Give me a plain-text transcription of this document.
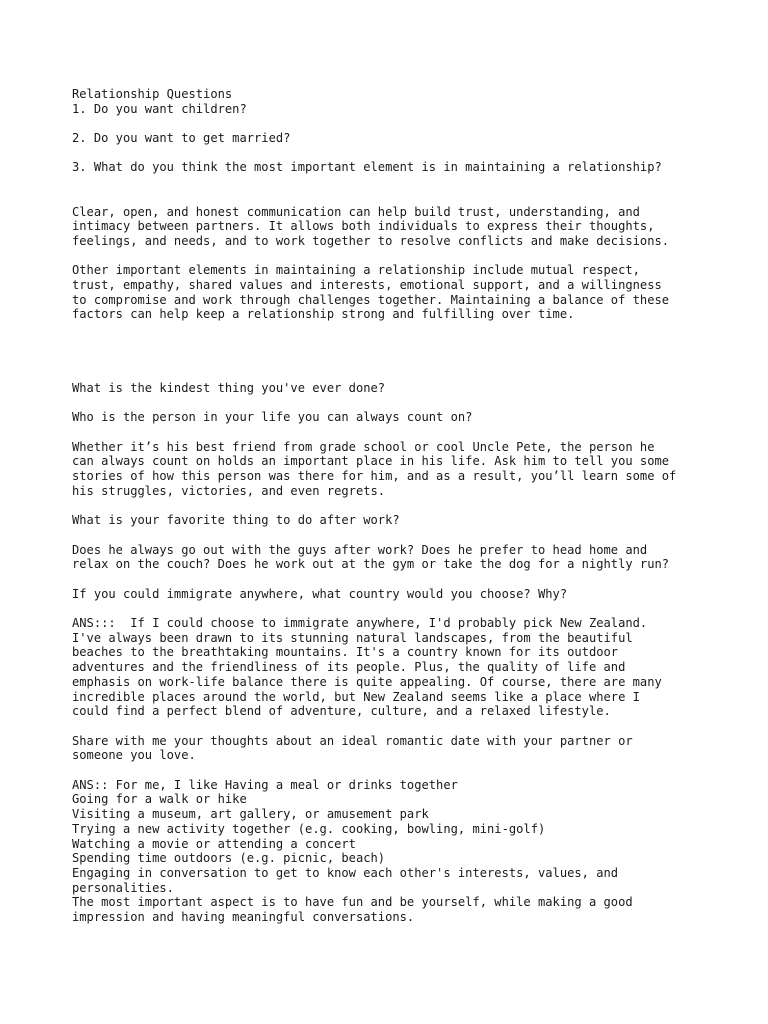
Relationship Questions
1. Do you want children?
2. Do you want to get married?
3. What do you think the most important element is in maintaining a relationship?
Clear, open, and honest communication can help build trust, understanding, and
intimacy between partners. It allows both individuals to express their thoughts,
feelings, and needs, and to work together to resolve conflicts and make decisions.
Other important elements in maintaining a relationship include mutual respect,
trust, empathy, shared values and interests, emotional support, and a willingness
to compromise and work through challenges together. Maintaining a balance of these
factors can help keep a relationship strong and fulfilling over time.
What is the kindest thing you've ever done?
Who is the person in your life you can always count on?
Whether it’s his best friend from grade school or cool Uncle Pete, the person he
can always count on holds an important place in his life. Ask him to tell you some
stories of how this person was there for him, and as a result, you’ll learn some of
his struggles, victories, and even regrets.
What is your favorite thing to do after work?
Does he always go out with the guys after work? Does he prefer to head home and
relax on the couch? Does he work out at the gym or take the dog for a nightly run?
If you could immigrate anywhere, what country would you choose? Why?
ANS:::  If I could choose to immigrate anywhere, I'd probably pick New Zealand.
I've always been drawn to its stunning natural landscapes, from the beautiful
beaches to the breathtaking mountains. It's a country known for its outdoor
adventures and the friendliness of its people. Plus, the quality of life and
emphasis on work-life balance there is quite appealing. Of course, there are many
incredible places around the world, but New Zealand seems like a place where I
could find a perfect blend of adventure, culture, and a relaxed lifestyle.
Share with me your thoughts about an ideal romantic date with your partner or
someone you love.
ANS:: For me, I like Having a meal or drinks together
Going for a walk or hike
Visiting a museum, art gallery, or amusement park
Trying a new activity together (e.g. cooking, bowling, mini-golf)
Watching a movie or attending a concert
Spending time outdoors (e.g. picnic, beach)
Engaging in conversation to get to know each other's interests, values, and
personalities.
The most important aspect is to have fun and be yourself, while making a good
impression and having meaningful conversations.
